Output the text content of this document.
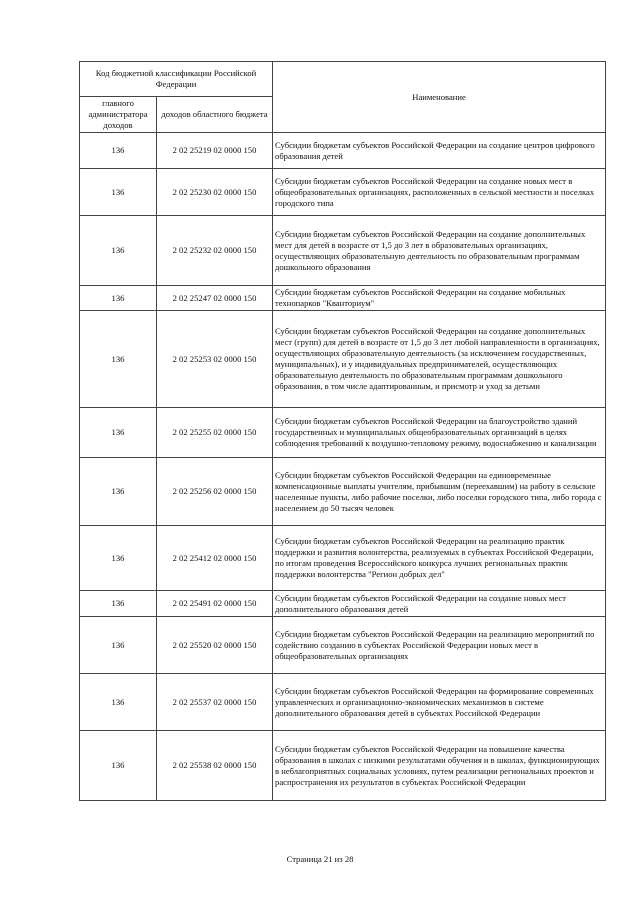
Код бюджетной классификации Российской Федерации		Наименование
главного администратора доходов	доходов областного бюджета	
136	2 02 25219 02 0000 150	Субсидии бюджетам субъектов Российской Федерации на создание центров цифрового образования детей
136	2 02 25230 02 0000 150	Субсидии бюджетам субъектов Российской Федерации на создание новых мест в общеобразовательных организациях, расположенных в сельской местности и поселках городского типа
136	2 02 25232 02 0000 150	Субсидии бюджетам субъектов Российской Федерации на создание дополнительных мест для детей в возрасте от 1,5 до 3 лет в образовательных организациях, осуществляющих образовательную деятельность по образовательным программам дошкольного образования
136	2 02 25247 02 0000 150	Субсидии бюджетам субъектов Российской Федерации на создание мобильных технопарков "Кванториум"
136	2 02 25253 02 0000 150	Субсидии бюджетам субъектов Российской Федерации на создание дополнительных мест (групп) для детей в возрасте от 1,5 до 3 лет любой направленности в организациях, осуществляющих образовательную деятельность (за исключением государственных, муниципальных), и у индивидуальных предпринимателей, осуществляющих образовательную деятельность по образовательным программам дошкольного образования, в том числе адаптированным, и присмотр и уход за детьми
136	2 02 25255 02 0000 150	Субсидии бюджетам субъектов Российской Федерации на благоустройство зданий государственных и муниципальных общеобразовательных организаций в целях соблюдения требований к воздушно-тепловому режиму, водоснабжению и канализации
136	2 02 25256 02 0000 150	Субсидии бюджетам субъектов Российской Федерации на единовременные компенсационные выплаты учителям, прибывшим (переехавшим) на работу в сельские населенные пункты, либо рабочие поселки, либо поселки городского типа, либо города с населением до 50 тысяч человек
136	2 02 25412 02 0000 150	Субсидии бюджетам субъектов Российской Федерации на реализацию практик поддержки и развития волонтерства, реализуемых в субъектах Российской Федерации, по итогам проведения Всероссийского конкурса лучших региональных практик поддержки волонтерства "Регион добрых дел"
136	2 02 25491 02 0000 150	Субсидии бюджетам субъектов Российской Федерации на создание новых мест дополнительного образования детей
136	2 02 25520 02 0000 150	Субсидии бюджетам субъектов Российской Федерации на реализацию мероприятий по содействию созданию в субъектах Российской Федерации новых мест в общеобразовательных организациях
136	2 02 25537 02 0000 150	Субсидии бюджетам субъектов Российской Федерации на формирование современных управленческих и организационно-экономических механизмов в системе дополнительного образования детей в субъектах Российской Федерации
136	2 02 25538 02 0000 150	Субсидии бюджетам субъектов Российской Федерации на повышение качества образования в школах с низкими результатами обучения и в школах, функционирующих в неблагоприятных социальных условиях, путем реализации региональных проектов и распространения их результатов в субъектах Российской Федерации
Страница 21 из 28
